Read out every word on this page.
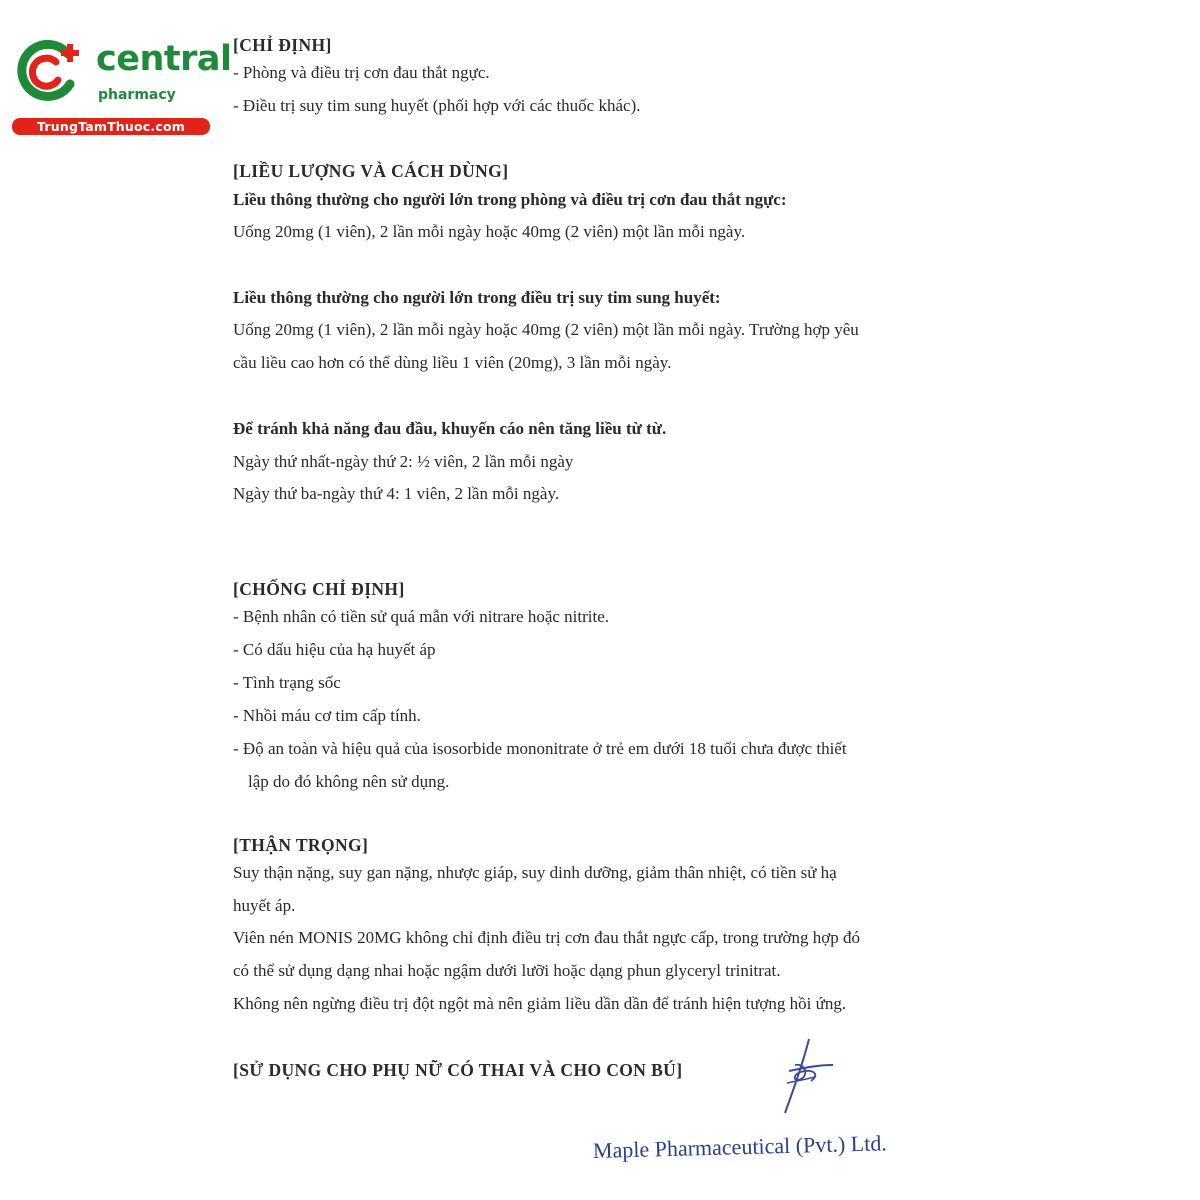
central
pharmacy
TrungTamThuoc.com
[CHỈ ĐỊNH]
- Phòng và điều trị cơn đau thắt ngực.
- Điều trị suy tim sung huyết (phối hợp với các thuốc khác).
[LIỀU LƯỢNG VÀ CÁCH DÙNG]
Liều thông thường cho người lớn trong phòng và điều trị cơn đau thắt ngực:
Uống 20mg (1 viên), 2 lần mỗi ngày hoặc 40mg (2 viên) một lần mỗi ngày.
Liều thông thường cho người lớn trong điều trị suy tim sung huyết:
Uống 20mg (1 viên), 2 lần mỗi ngày hoặc 40mg (2 viên) một lần mỗi ngày. Trường hợp yêu
cầu liều cao hơn có thể dùng liều 1 viên (20mg), 3 lần mỗi ngày.
Để tránh khả năng đau đầu, khuyến cáo nên tăng liều từ từ.
Ngày thứ nhất-ngày thứ 2: ½ viên, 2 lần mỗi ngày
Ngày thứ ba-ngày thứ 4: 1 viên, 2 lần mỗi ngày.
[CHỐNG CHỈ ĐỊNH]
- Bệnh nhân có tiền sử quá mẫn với nitrare hoặc nitrite.
- Có dấu hiệu của hạ huyết áp
- Tình trạng sốc
- Nhồi máu cơ tim cấp tính.
- Độ an toàn và hiệu quả của isosorbide mononitrate ở trẻ em dưới 18 tuổi chưa được thiết
lập do đó không nên sử dụng.
[THẬN TRỌNG]
Suy thận nặng, suy gan nặng, nhược giáp, suy dinh dưỡng, giảm thân nhiệt, có tiền sử hạ
huyết áp.
Viên nén MONIS 20MG không chỉ định điều trị cơn đau thắt ngực cấp, trong trường hợp đó
có thể sử dụng dạng nhai hoặc ngậm dưới lưỡi hoặc dạng phun glyceryl trinitrat.
Không nên ngừng điều trị đột ngột mà nên giảm liều dần dần để tránh hiện tượng hồi ứng.
[SỬ DỤNG CHO PHỤ NỮ CÓ THAI VÀ CHO CON BÚ]
Maple Pharmaceutical (Pvt.) Ltd.
